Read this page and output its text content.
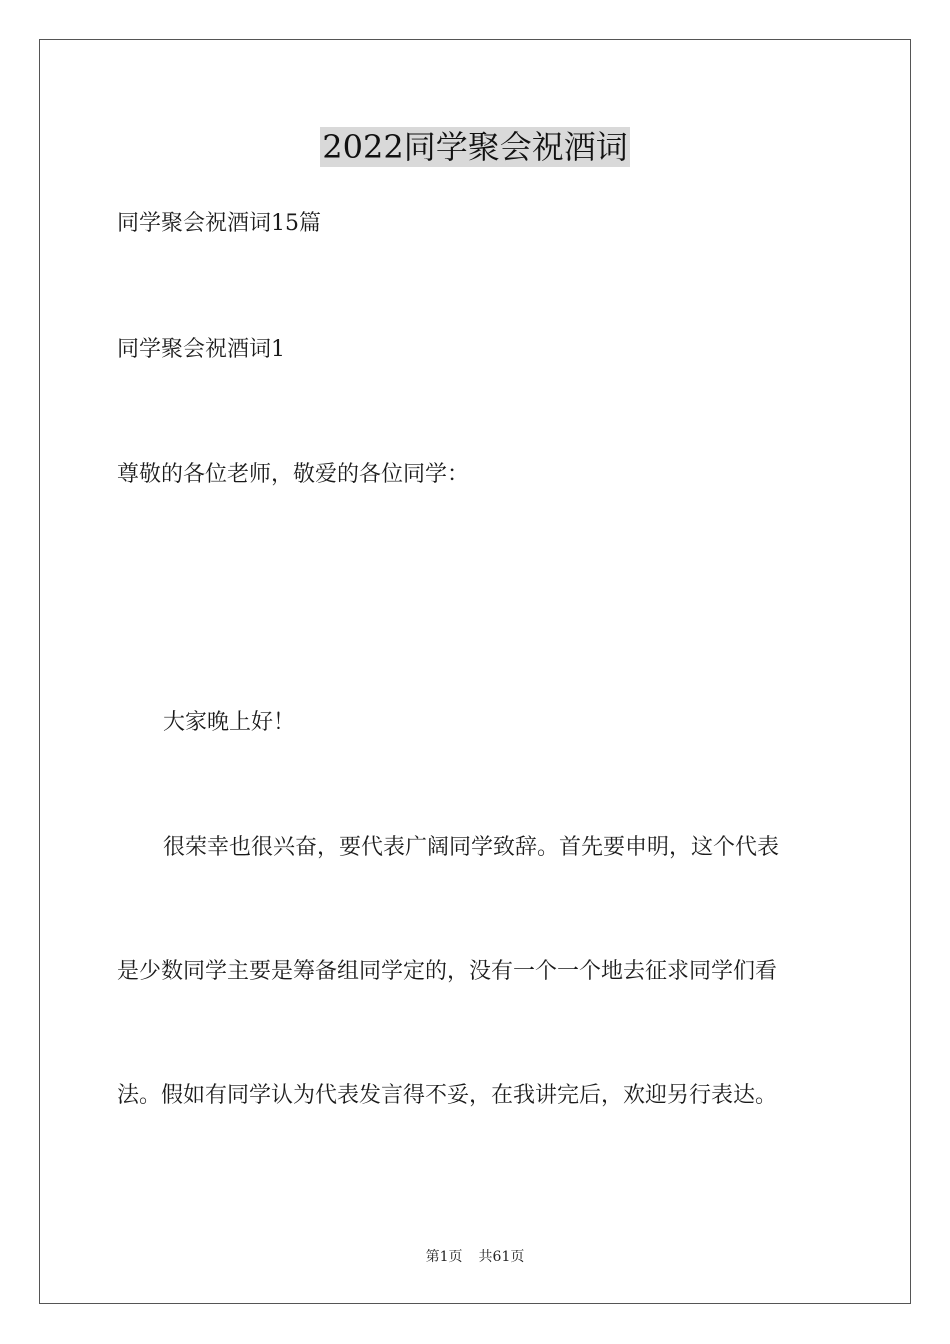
2022同学聚会祝酒词
同学聚会祝酒词15篇
同学聚会祝酒词1
尊敬的各位老师，敬爱的各位同学：
大家晚上好！
很荣幸也很兴奋，要代表广阔同学致辞。首先要申明，这个代表
是少数同学主要是筹备组同学定的，没有一个一个地去征求同学们看
法。假如有同学认为代表发言得不妥，在我讲完后，欢迎另行表达。
第1页 共61页
